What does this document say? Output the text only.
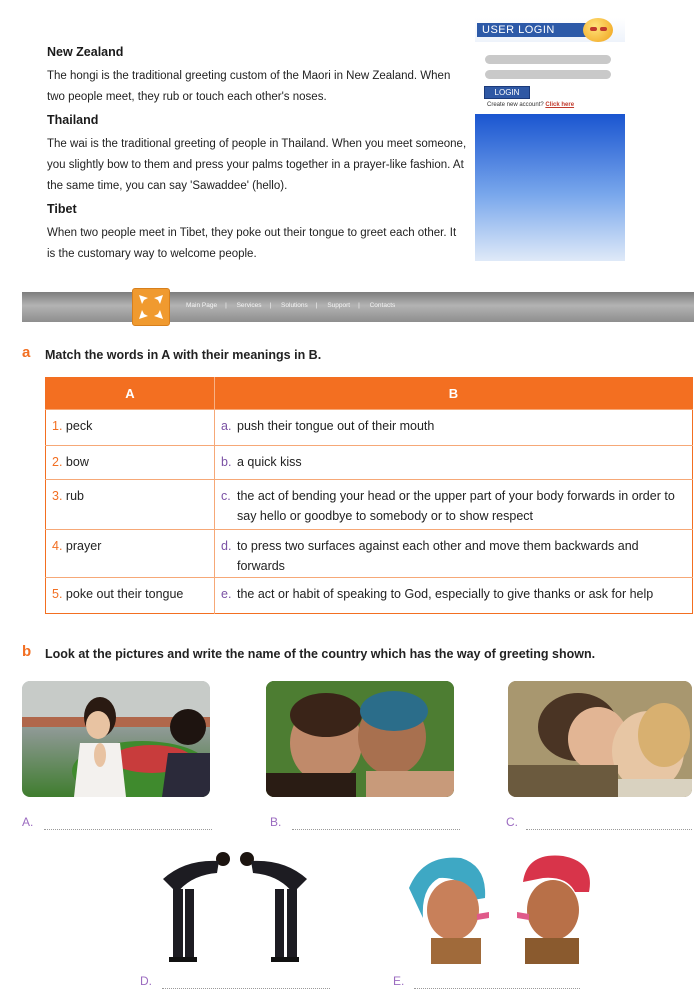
New Zealand
The hongi is the traditional greeting custom of the Maori in New Zealand. When two people meet, they rub or touch each other's noses.
Thailand
The wai is the traditional greeting of people in Thailand. When you meet someone, you slightly bow to them and press your palms together in a prayer-like fashion. At the same time, you can say 'Sawaddee' (hello).
Tibet
When two people meet in Tibet, they poke out their tongue to greet each other. It is the customary way to welcome people.
USER LOGIN
LOGIN
Create new account? Click here
Main Page | Services | Solutions | Support | Contacts
a Match the words in A with their meanings in B.
A	B
1. peck	a. push their tongue out of their mouth

2. bow	b. a quick kiss

3. rub	c. the act of bending your head or the upper part of your body forwards in order to say hello or goodbye to somebody or to show respect

4. prayer	d. to press two surfaces against each other and move them backwards and forwards

5. poke out their tongue	e. the act or habit of speaking to God, especially to give thanks or ask for help
b Look at the pictures and write the name of the country which has the way of greeting shown.
A.	B.	C.
D.	E.
